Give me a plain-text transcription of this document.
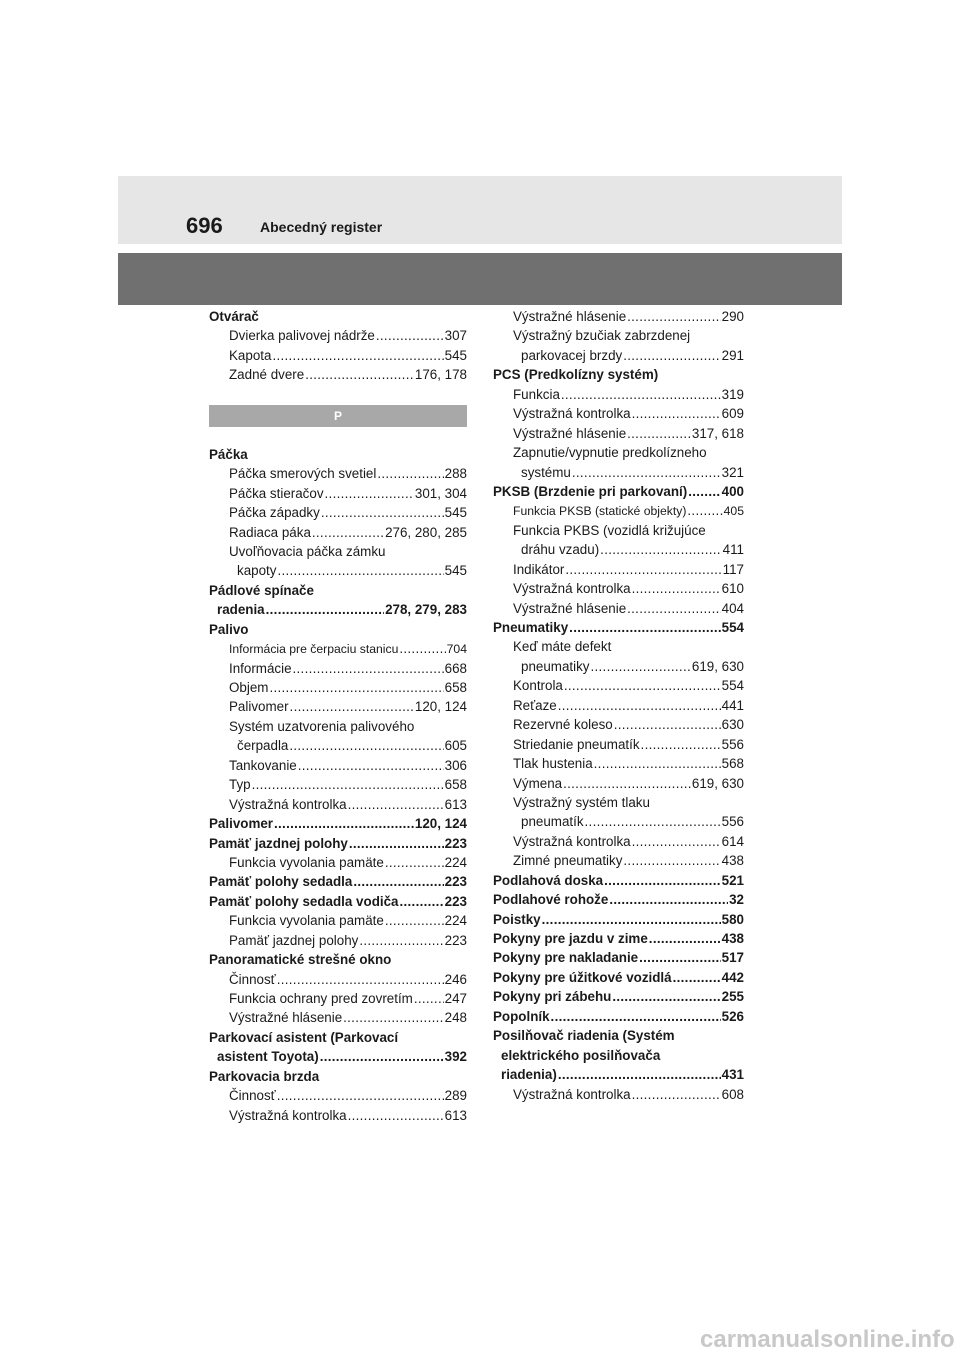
696	Abecedný register
Otvárač
Dvierka palivovej nádrže .....	307
Kapota .....	545
Zadné dvere .....	176, 178
P
Páčka
Páčka smerových svetiel .....	288
Páčka stieračov .....	301, 304
Páčka západky .....	545
Radiaca páka .....	276, 280, 285
Uvoľňovacia páčka zámku
kapoty .....	545
Pádlové spínače
radenia .....	278, 279, 283
Palivo
Informácia pre čerpaciu stanicu .....	704
Informácie .....	668
Objem .....	658
Palivomer .....	120, 124
Systém uzatvorenia palivového
čerpadla .....	605
Tankovanie .....	306
Typ .....	658
Výstražná kontrolka .....	613
Palivomer .....	120, 124
Pamäť jazdnej polohy .....	223
Funkcia vyvolania pamäte .....	224
Pamäť polohy sedadla .....	223
Pamäť polohy sedadla vodiča .....	223
Funkcia vyvolania pamäte .....	224
Pamäť jazdnej polohy .....	223
Panoramatické strešné okno
Činnosť .....	246
Funkcia ochrany pred zovretím ..... 247
Výstražné hlásenie .....	248
Parkovací asistent (Parkovací
asistent Toyota) .....	392
Parkovacia brzda
Činnosť .....	289
Výstražná kontrolka .....	613
Výstražné hlásenie .....	290
Výstražný bzučiak zabrzdenej
parkovacej brzdy .....	291
PCS (Predkolízny systém)
Funkcia .....	319
Výstražná kontrolka .....	609
Výstražné hlásenie .....	317, 618
Zapnutie/vypnutie predkolízneho
systému .....	321
PKSB (Brzdenie pri parkovaní) .....	400
Funkcia PKSB (statické objekty) .....	405
Funkcia PKBS (vozidlá križujúce
dráhu vzadu) .....	411
Indikátor .....	117
Výstražná kontrolka .....	610
Výstražné hlásenie .....	404
Pneumatiky .....	554
Keď máte defekt
pneumatiky .....	619, 630
Kontrola .....	554
Reťaze .....	441
Rezervné koleso .....	630
Striedanie pneumatík .....	556
Tlak hustenia .....	568
Výmena .....	619, 630
Výstražný systém tlaku
pneumatík .....	556
Výstražná kontrolka .....	614
Zimné pneumatiky .....	438
Podlahová doska .....	521
Podlahové rohože .....	32
Poistky .....	580
Pokyny pre jazdu v zime .....	438
Pokyny pre nakladanie .....	517
Pokyny pre úžitkové vozidlá .....	442
Pokyny pri zábehu .....	255
Popolník .....	526
Posilňovač riadenia (Systém
elektrického posilňovača
riadenia) .....	431
Výstražná kontrolka .....	608
carmanualsonline.info
